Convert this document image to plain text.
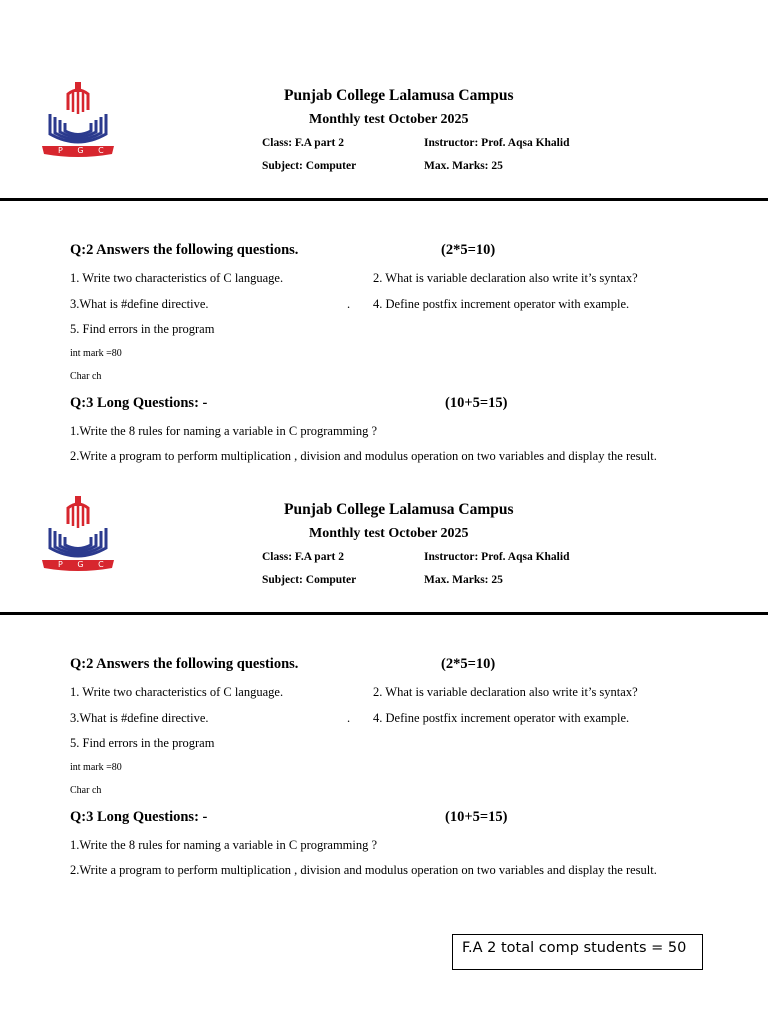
P G C
Punjab College Lalamusa Campus
Monthly test October 2025
Class: F.A part 2
Subject: Computer
Instructor: Prof. Aqsa Khalid
Max. Marks: 25
Q:2 Answers the following questions.	(2*5=10)
1. Write two characteristics of C language.	2. What is variable declaration also write it’s syntax?
3.What is #define directive.	. 4. Define postfix increment operator with example.
5. Find errors in the program
int mark =80
Char ch
Q:3 Long Questions: -	(10+5=15)
1.Write the 8 rules for naming a variable in C programming ?
2.Write a program to perform multiplication , division and modulus operation on two variables and display the result.
P G C
Punjab College Lalamusa Campus
Monthly test October 2025
Class: F.A part 2
Subject: Computer
Instructor: Prof. Aqsa Khalid
Max. Marks: 25
Q:2 Answers the following questions.	(2*5=10)
1. Write two characteristics of C language.	2. What is variable declaration also write it’s syntax?
3.What is #define directive.	. 4. Define postfix increment operator with example.
5. Find errors in the program
int mark =80
Char ch
Q:3 Long Questions: -	(10+5=15)
1.Write the 8 rules for naming a variable in C programming ?
2.Write a program to perform multiplication , division and modulus operation on two variables and display the result.
F.A 2 total comp students = 50
